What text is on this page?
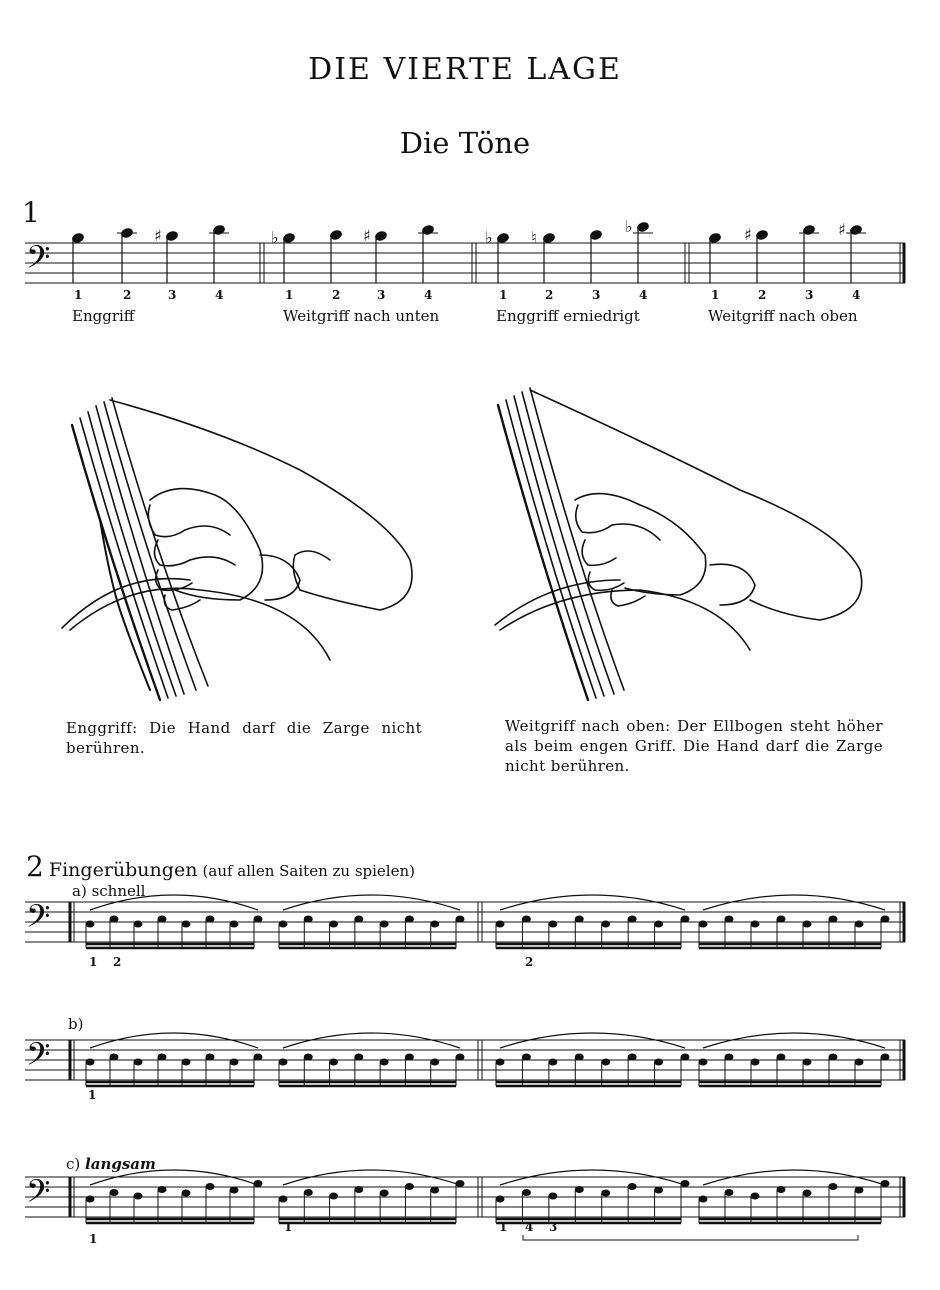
DIE VIERTE LAGE
Die Töne
1
𝄢
♯	♭	♯	♭ ♮
♭	♯	♯
𝄢
𝄢
𝄢
Enggriff	Weitgriff nach unten	Enggriff erniedrigt	Weitgriff nach oben
Enggriff: Die Hand darf die Zarge nicht berühren.
Weitgriff nach oben: Der Ellbogen steht höher als beim engen Griff. Die Hand darf die Zarge nicht berühren.
2 Fingerübungen (auf allen Saiten zu spielen)
a) schnell
b)
c) langsam
1 2	2
1
1
1	1 4 3
1	2	3	4	1	2	3	4	1	2	3	4	1	2	3	4
